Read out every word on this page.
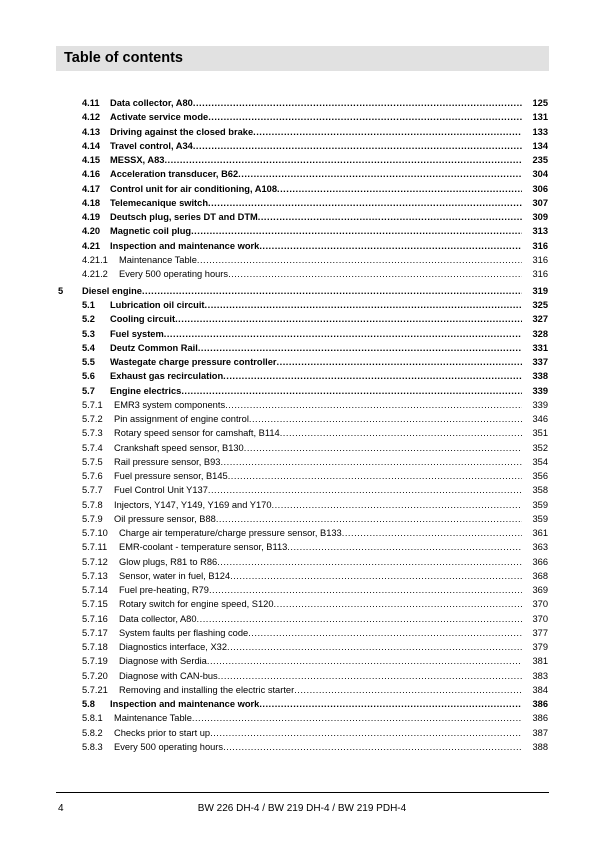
Table of contents
4.11 Data collector, A80 .....	125
4.12 Activate service mode .....	131
4.13 Driving against the closed brake .....	133
4.14 Travel control, A34 .....	134
4.15 MESSX, A83 .....	235
4.16 Acceleration transducer, B62 .....	304
4.17 Control unit for air conditioning, A108 .....	306
4.18 Telemecanique switch .....	307
4.19 Deutsch plug, series DT and DTM .....	309
4.20 Magnetic coil plug .....	313
4.21 Inspection and maintenance work .....	316
4.21.1 Maintenance Table .....	316
4.21.2 Every 500 operating hours .....	316
5 Diesel engine .....	319
5.1 Lubrication oil circuit .....	325
5.2 Cooling circuit .....	327
5.3 Fuel system .....	328
5.4 Deutz Common Rail .....	331
5.5 Wastegate charge pressure controller .....	337
5.6 Exhaust gas recirculation .....	338
5.7 Engine electrics .....	339
5.7.1 EMR3 system components .....	339
5.7.2 Pin assignment of engine control .....	346
5.7.3 Rotary speed sensor for camshaft, B114 .....	351
5.7.4 Crankshaft speed sensor, B130 .....	352
5.7.5 Rail pressure sensor, B93 .....	354
5.7.6 Fuel pressure sensor, B145 .....	356
5.7.7 Fuel Control Unit Y137 .....	358
5.7.8 Injectors, Y147, Y149, Y169 and Y170 .....	359
5.7.9 Oil pressure sensor, B88 .....	359
5.7.10 Charge air temperature/charge pressure sensor, B133 .....	361
5.7.11 EMR-coolant - temperature sensor, B113 .....	363
5.7.12 Glow plugs, R81 to R86 .....	366
5.7.13 Sensor, water in fuel, B124 .....	368
5.7.14 Fuel pre-heating, R79 .....	369
5.7.15 Rotary switch for engine speed, S120 .....	370
5.7.16 Data collector, A80 .....	370
5.7.17 System faults per flashing code .....	377
5.7.18 Diagnostics interface, X32 .....	379
5.7.19 Diagnose with Serdia .....	381
5.7.20 Diagnose with CAN-bus .....	383
5.7.21 Removing and installing the electric starter .....	384
5.8 Inspection and maintenance work .....	386
5.8.1 Maintenance Table .....	386
5.8.2 Checks prior to start up .....	387
5.8.3 Every 500 operating hours .....	388
4	BW 226 DH-4 / BW 219 DH-4 / BW 219 PDH-4
